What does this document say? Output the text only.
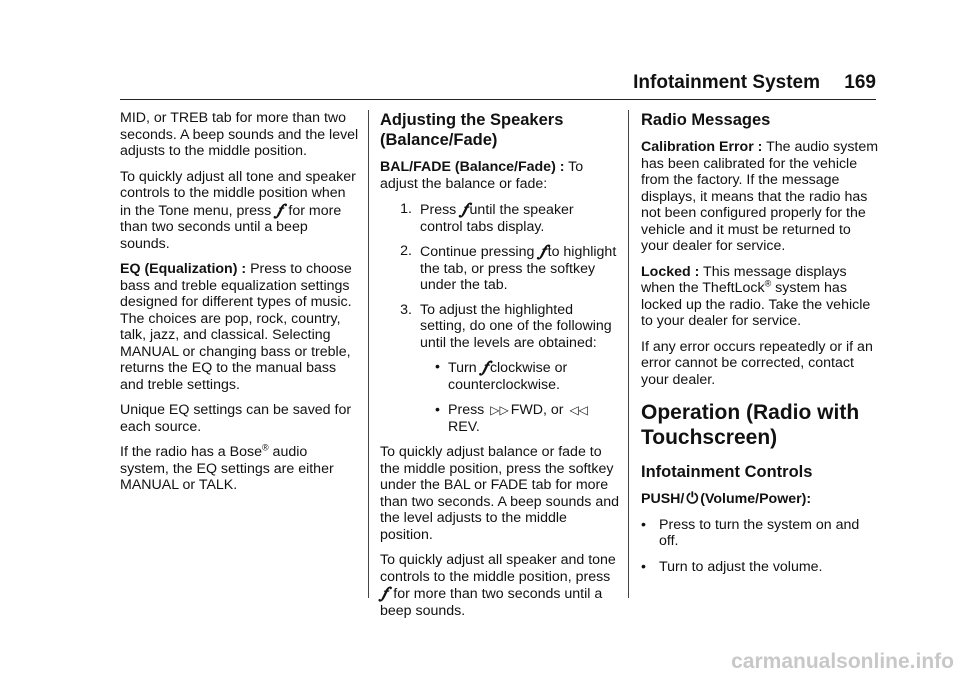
Infotainment System 169

MID, or TREB tab for more than two seconds. A beep sounds and the level adjusts to the middle position.

To quickly adjust all tone and speaker controls to the middle position when in the Tone menu, press 𝆑 for more than two seconds until a beep sounds.

EQ (Equalization) : Press to choose bass and treble equalization settings designed for different types of music. The choices are pop, rock, country, talk, jazz, and classical. Selecting MANUAL or changing bass or treble, returns the EQ to the manual bass and treble settings.

Unique EQ settings can be saved for each source.

If the radio has a Bose® audio system, the EQ settings are either MANUAL or TALK.

Adjusting the Speakers (Balance/Fade)

BAL/FADE (Balance/Fade) : To adjust the balance or fade:

1. Press 𝆑 until the speaker control tabs display.
2. Continue pressing 𝆑 to highlight the tab, or press the softkey under the tab.
3. To adjust the highlighted setting, do one of the following until the levels are obtained:
• Turn 𝆑 clockwise or counterclockwise.
• Press ▷▷ FWD, or ◁◁REV.

To quickly adjust balance or fade to the middle position, press the softkey under the BAL or FADE tab for more than two seconds. A beep sounds and the level adjusts to the middle position.

To quickly adjust all speaker and tone controls to the middle position, press 𝆑 for more than two seconds until a beep sounds.

Radio Messages

Calibration Error : The audio system has been calibrated for the vehicle from the factory. If the message displays, it means that the radio has not been configured properly for the vehicle and it must be returned to your dealer for service.

Locked : This message displays when the TheftLock® system has locked up the radio. Take the vehicle to your dealer for service.

If any error occurs repeatedly or if an error cannot be corrected, contact your dealer.

Operation (Radio with Touchscreen)
Infotainment Controls

PUSH/ ⏻ (Volume/Power):

• Press to turn the system on and off.
• Turn to adjust the volume.
carmanualsonline.info
